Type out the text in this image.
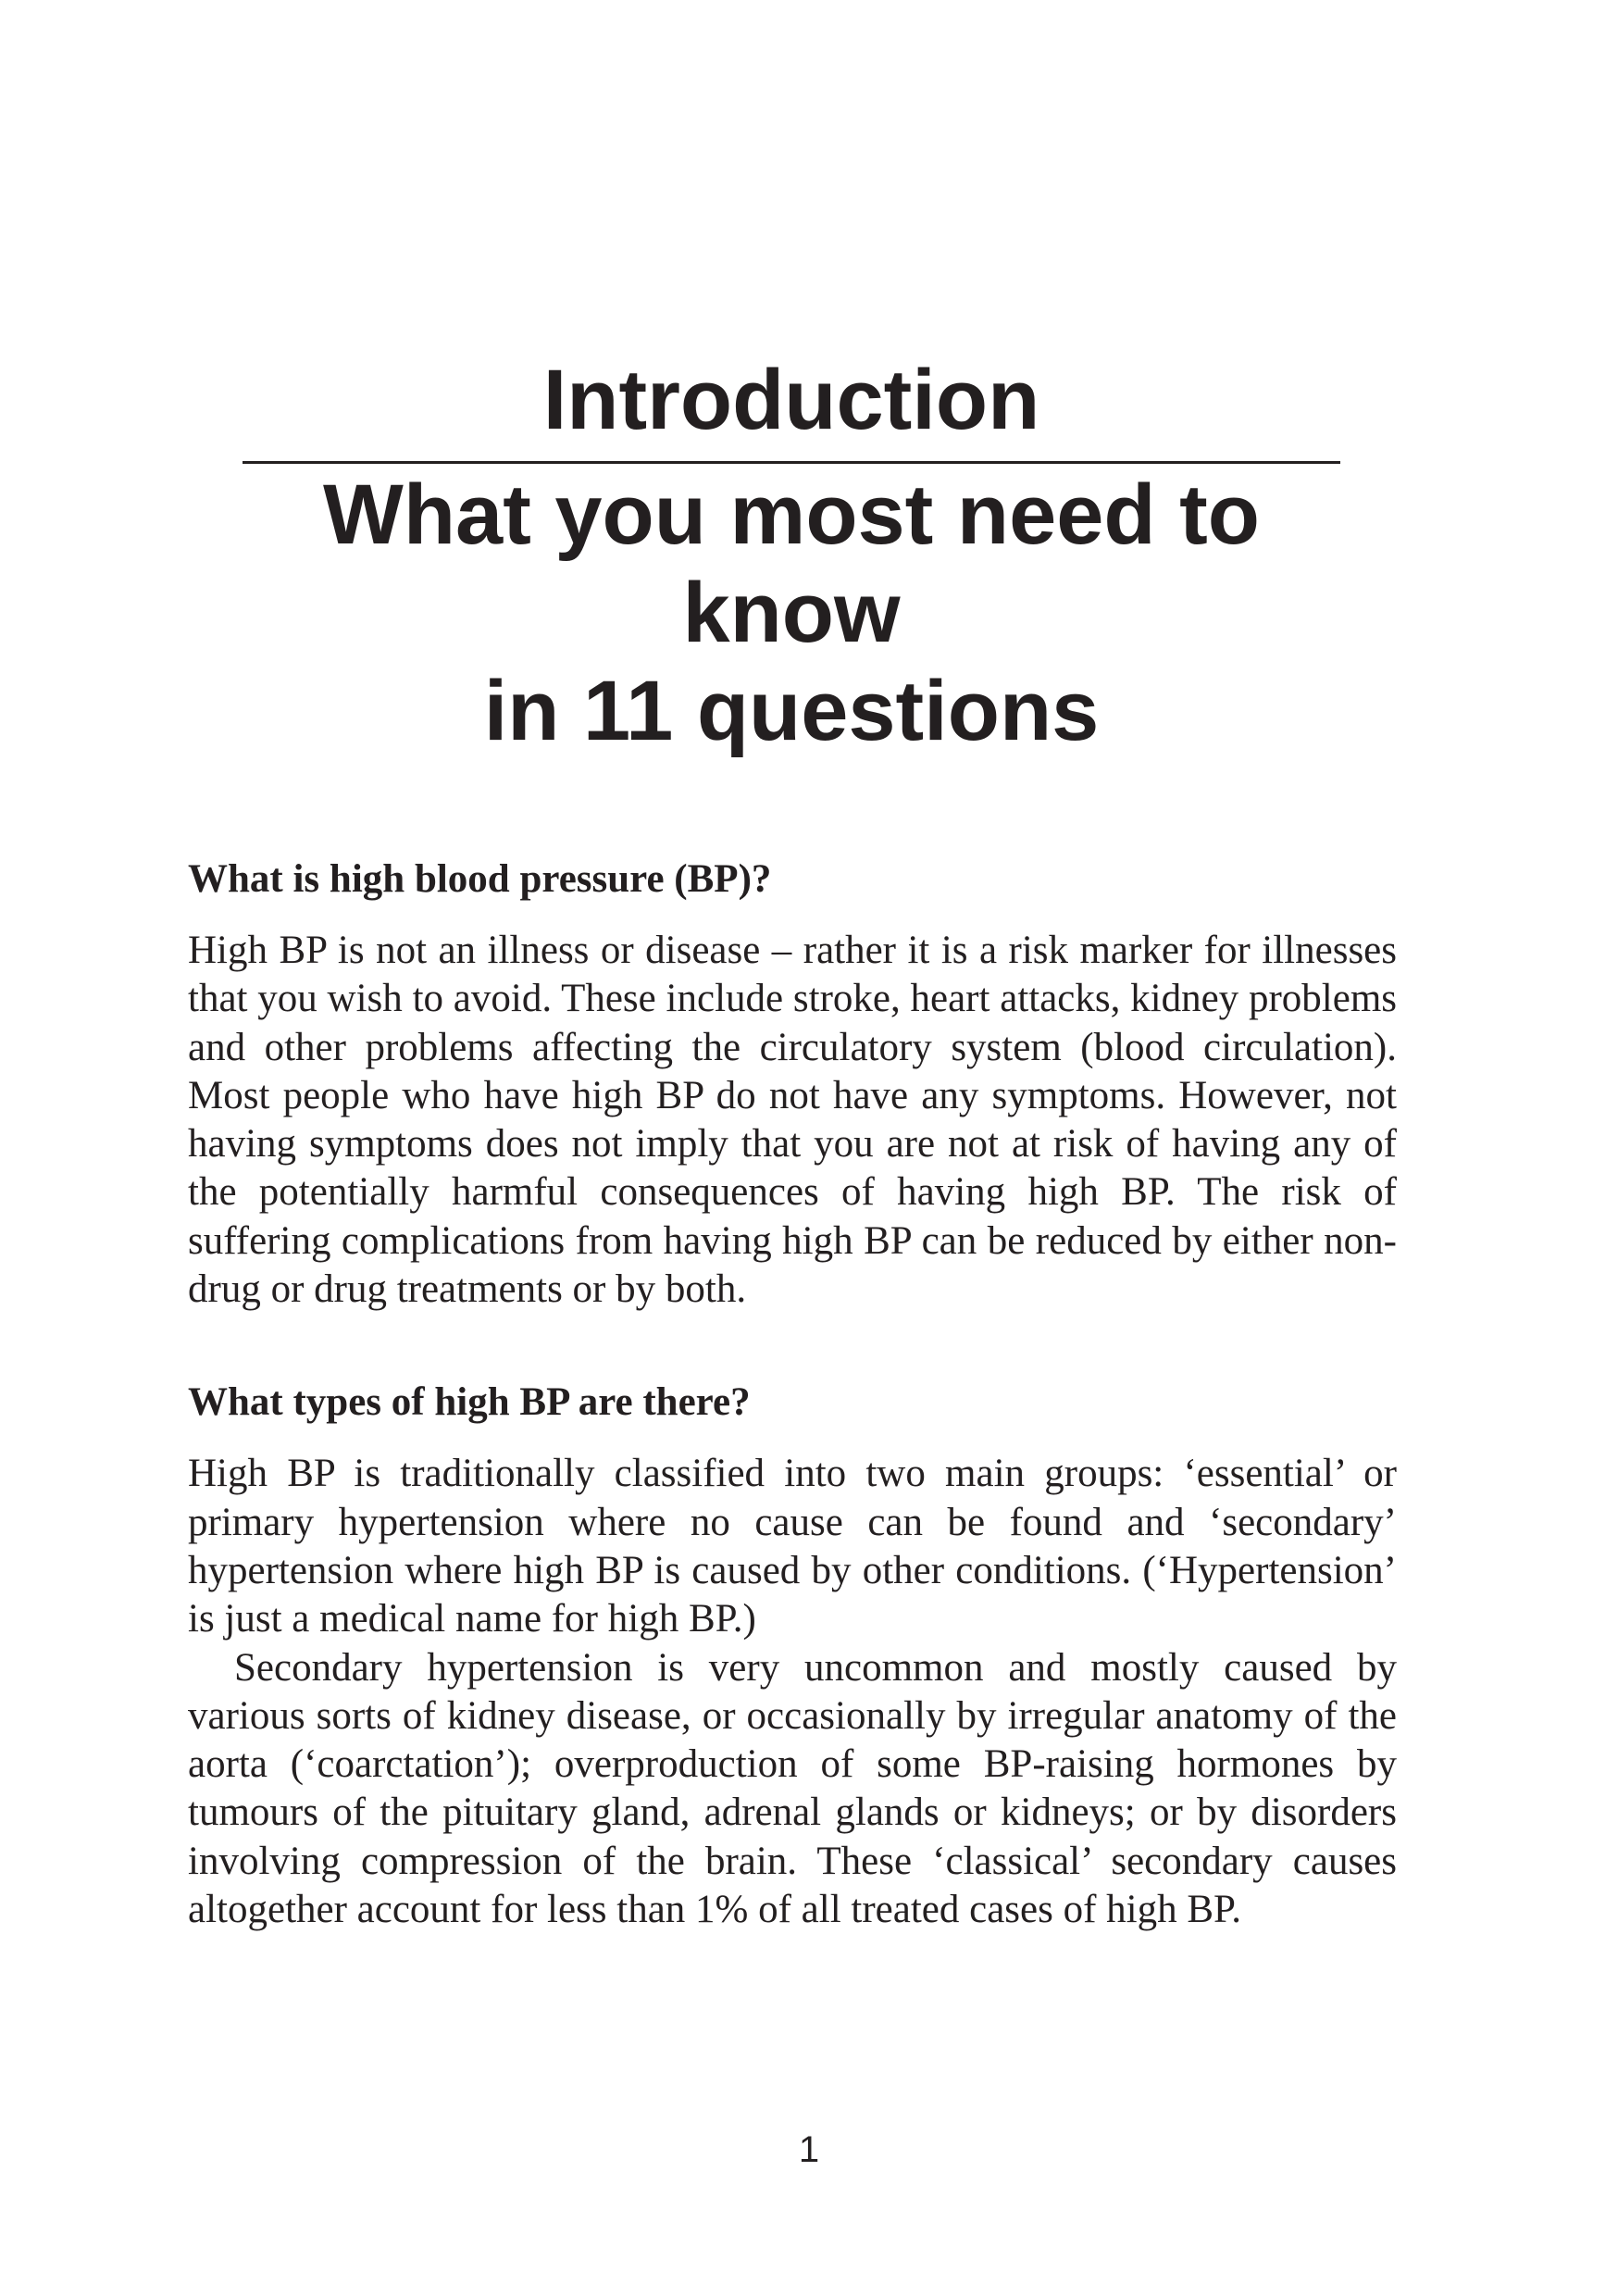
Introduction
What you most need to know
in 11 questions
What is high blood pressure (BP)?

High BP is not an illness or disease – rather it is a risk marker for illnesses that you wish to avoid. These include stroke, heart attacks, kidney problems and other problems affecting the circulatory system (blood circulation). Most people who have high BP do not have any symptoms. However, not having symptoms does not imply that you are not at risk of having any of the potentially harmful consequences of having high BP. The risk of suffering complications from having high BP can be reduced by either non-drug or drug treatments or by both.

What types of high BP are there?

High BP is traditionally classified into two main groups: ‘essential’ or primary hypertension where no cause can be found and ‘secondary’ hypertension where high BP is caused by other conditions. (‘Hypertension’ is just a medical name for high BP.)

Secondary hypertension is very uncommon and mostly caused by various sorts of kidney disease, or occasionally by irregular anatomy of the aorta (‘coarctation’); overproduction of some BP-raising hormones by tumours of the pituitary gland, adrenal glands or kidneys; or by disorders involving compression of the brain. These ‘classical’ secondary causes altogether account for less than 1% of all treated cases of high BP.

1
